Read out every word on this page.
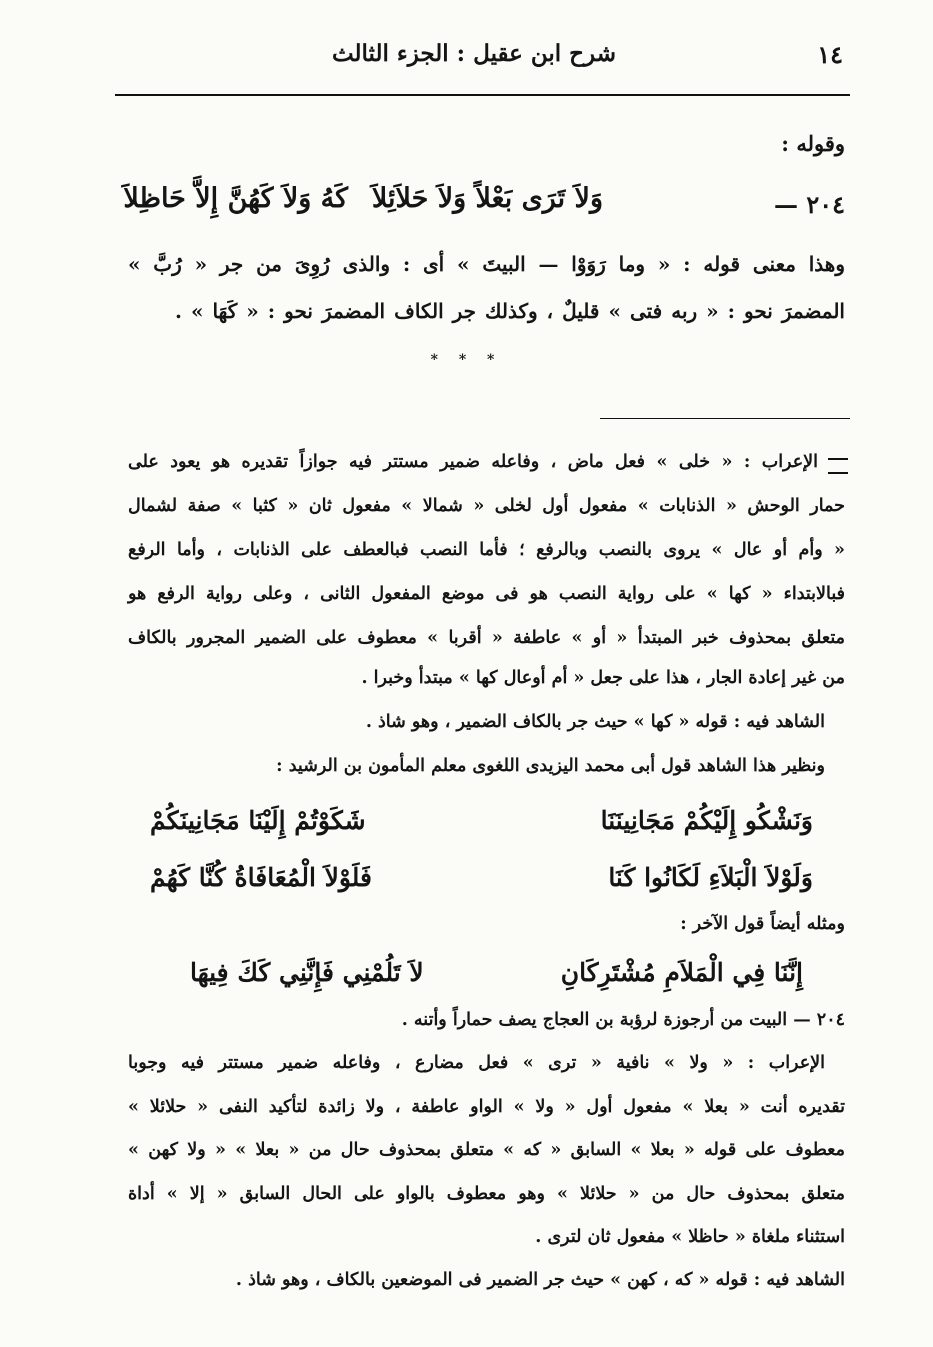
شرح ابن عقيل : الجزء الثالث	١٤
وقوله :
٢٠٤ —
وَلاَ تَرَى بَعْلاً وَلاَ حَلاَئِلاَ
كَهُ وَلاَ كَهُنَّ إِلاَّ حَاظِلاَ
وهذا معنى قوله : « وما رَوَوْا — البيتَ » أى : والذى رُوِىَ من جر « رُبَّ »
المضمرَ نحو : « ربه فتى » قليلٌ ، وكذلك جر الكاف المضمرَ نحو : « كَهَا » .
* * *
الإعراب : « خلى » فعل ماض ، وفاعله ضمير مستتر فيه جوازاً تقديره هو يعود على
حمار الوحش « الذنابات » مفعول أول لخلى « شمالا » مفعول ثان « كثبا » صفة لشمال
« وأم أو عال » يروى بالنصب وبالرفع ؛ فأما النصب فبالعطف على الذنابات ، وأما الرفع
فبالابتداء « كها » على رواية النصب هو فى موضع المفعول الثانى ، وعلى رواية الرفع هو
متعلق بمحذوف خبر المبتدأ « أو » عاطفة « أقربا » معطوف على الضمير المجرور بالكاف
من غير إعادة الجار ، هذا على جعل « أم أوعال كها » مبتدأ وخبرا .
الشاهد فيه : قوله « كها » حيث جر بالكاف الضمير ، وهو شاذ .
ونظير هذا الشاهد قول أبى محمد اليزيدى اللغوى معلم المأمون بن الرشيد :
شَكَوْتُمْ إِلَيْنَا مَجَانِينَكُمْ	وَنَشْكُو إِلَيْكُمْ مَجَانِينَنَا
فَلَوْلاَ الْمُعَافَاةُ كُنَّا كَهُمْ	وَلَوْلاَ الْبَلاَءِ لَكَانُوا كَنَا
ومثله أيضاً قول الآخر :
لاَ تَلُمْنِي فَإِنَّنِي كَكَ فِيهَا	إِنَّنَا فِي الْمَلاَمِ مُشْتَرِكَانِ
٢٠٤ — البيت من أرجوزة لرؤبة بن العجاج يصف حماراً وأتنه .
الإعراب : « ولا » نافية « ترى » فعل مضارع ، وفاعله ضمير مستتر فيه وجوبا
تقديره أنت « بعلا » مفعول أول « ولا » الواو عاطفة ، ولا زائدة لتأكيد النفى « حلائلا »
معطوف على قوله « بعلا » السابق « كه » متعلق بمحذوف حال من « بعلا » « ولا كهن »
متعلق بمحذوف حال من « حلائلا » وهو معطوف بالواو على الحال السابق « إلا » أداة
استثناء ملغاة « حاظلا » مفعول ثان لترى .
الشاهد فيه : قوله « كه ، كهن » حيث جر الضمير فى الموضعين بالكاف ، وهو شاذ .
